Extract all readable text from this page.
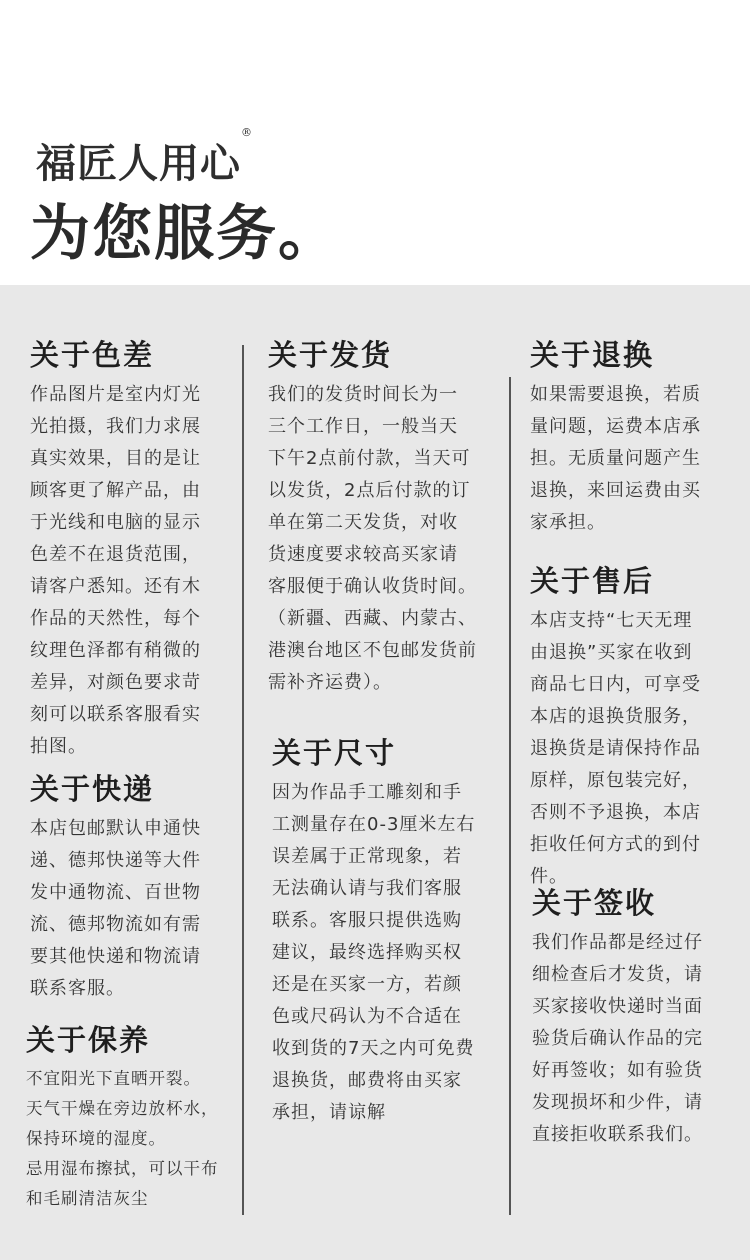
福匠人用心
®
为您服务。
关于色差

作品图片是室内灯光
光拍摄，我们力求展
真实效果，目的是让
顾客更了解产品，由
于光线和电脑的显示
色差不在退货范围，
请客户悉知。还有木
作品的天然性，每个
纹理色泽都有稍微的
差异，对颜色要求苛
刻可以联系客服看实
拍图。

关于快递

本店包邮默认申通快
递、德邦快递等大件
发中通物流、百世物
流、德邦物流如有需
要其他快递和物流请
联系客服。

关于保养

不宜阳光下直晒开裂。
天气干燥在旁边放杯水，
保持环境的湿度。
忌用湿布擦拭，可以干布
和毛刷清洁灰尘

关于发货

我们的发货时间长为一
三个工作日，一般当天
下午2点前付款，当天可
以发货，2点后付款的订
单在第二天发货，对收
货速度要求较高买家请
客服便于确认收货时间。
（新疆、西藏、内蒙古、
港澳台地区不包邮发货前
需补齐运费）。

关于尺寸

因为作品手工雕刻和手
工测量存在0-3厘米左右
误差属于正常现象，若
无法确认请与我们客服
联系。客服只提供选购
建议，最终选择购买权
还是在买家一方，若颜
色或尺码认为不合适在
收到货的7天之内可免费
退换货，邮费将由买家
承担，请谅解

关于退换

如果需要退换，若质
量问题，运费本店承
担。无质量问题产生
退换，来回运费由买
家承担。

关于售后

本店支持“七天无理
由退换”买家在收到
商品七日内，可享受
本店的退换货服务，
退换货是请保持作品
原样，原包装完好，
否则不予退换，本店
拒收任何方式的到付
件。

关于签收

我们作品都是经过仔
细检查后才发货，请
买家接收快递时当面
验货后确认作品的完
好再签收；如有验货
发现损坏和少件，请
直接拒收联系我们。
